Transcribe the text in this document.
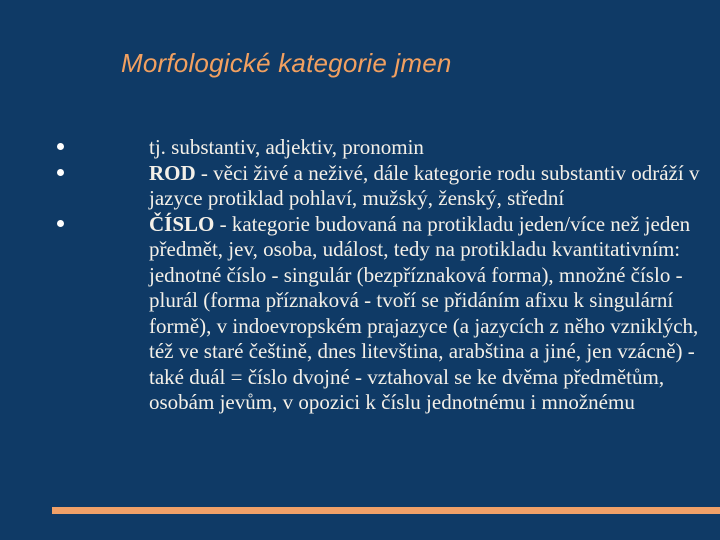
Morfologické kategorie jmen
tj. substantiv, adjektiv, pronomin
ROD - věci živé a neživé, dále kategorie rodu substantiv odráží v jazyce protiklad pohlaví, mužský, ženský, střední
ČÍSLO - kategorie budovaná na protikladu jeden/více než jeden předmět, jev, osoba, událost, tedy na protikladu kvantitativním: jednotné číslo - singulár (bezpříznaková forma), množné číslo - plurál (forma příznaková - tvoří se přidáním afixu k singulární formě), v indoevropském prajazyce (a jazycích z něho vzniklých, též ve staré češtině, dnes litevština, arabština a jiné, jen vzácně) - také duál = číslo dvojné - vztahoval se ke dvěma předmětům, osobám jevům, v opozici k číslu jednotnému i množnému
